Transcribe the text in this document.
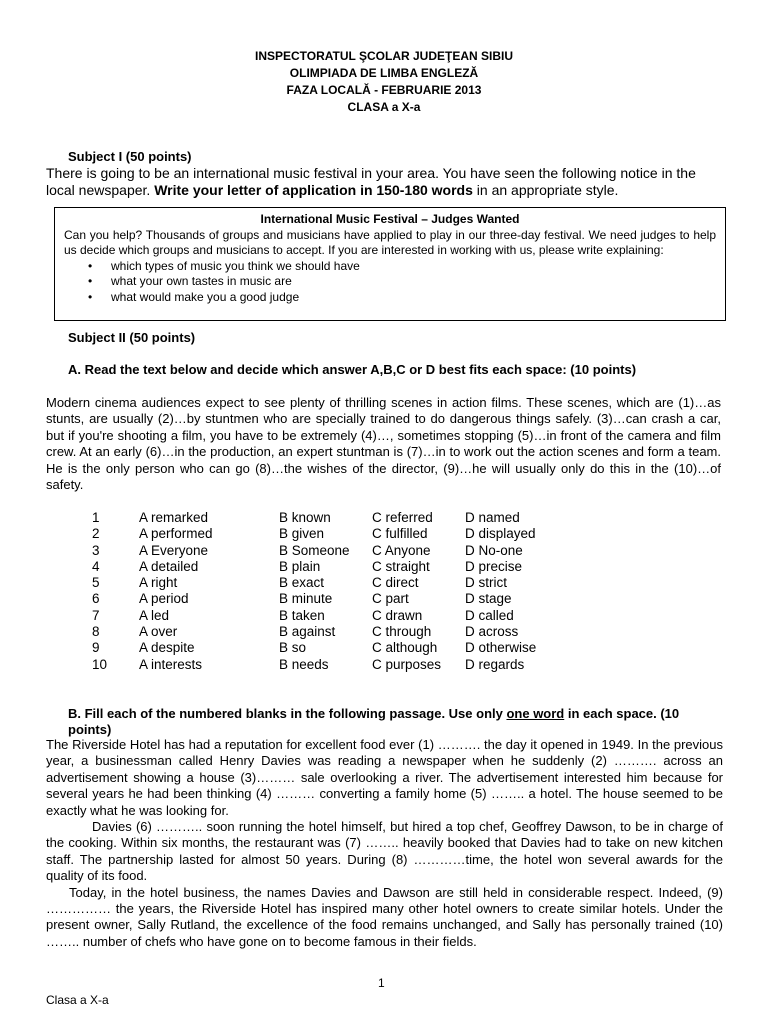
INSPECTORATUL ŞCOLAR JUDEŢEAN SIBIU
OLIMPIADA DE LIMBA ENGLEZĂ
FAZA LOCALĂ - FEBRUARIE 2013
CLASA a X-a
Subject I (50 points)
There is going to be an international music festival in your area. You have seen the following notice in the local newspaper. Write your letter of application in 150-180 words in an appropriate style.
International Music Festival – Judges Wanted
Can you help? Thousands of groups and musicians have applied to play in our three-day festival. We need judges to help us decide which groups and musicians to accept. If you are interested in working with us, please write explaining:
• which types of music you think we should have
• what your own tastes in music are
• what would make you a good judge
Subject II (50 points)
A. Read the text below and decide which answer A,B,C or D best fits each space: (10 points)
Modern cinema audiences expect to see plenty of thrilling scenes in action films. These scenes, which are (1)…as stunts, are usually (2)…by stuntmen who are specially trained to do dangerous things safely. (3)…can crash a car, but if you're shooting a film, you have to be extremely (4)…, sometimes stopping (5)…in front of the camera and film crew. At an early (6)…in the production, an expert stuntman is (7)…in to work out the action scenes and form a team. He is the only person who can go (8)…the wishes of the director, (9)…he will usually only do this in the (10)…of safety.
1	A remarked	B known	C referred	D named
2	A performed	B given	C fulfilled	D displayed
3	A Everyone	B Someone	C Anyone	D No-one
4	A detailed	B plain	C straight	D precise
5	A right	B exact	C direct	D strict
6	A period	B minute	C part	D stage
7	A led	B taken	C drawn	D called
8	A over	B against	C through	D across
9	A despite	B so	C although	D otherwise
10	A interests	B needs	C purposes	D regards
B. Fill each of the numbered blanks in the following passage. Use only one word in each space. (10 points)

The Riverside Hotel has had a reputation for excellent food ever (1) ………. the day it opened in 1949. In the previous year, a businessman called Henry Davies was reading a newspaper when he suddenly (2) ………. across an advertisement showing a house (3)……… sale overlooking a river. The advertisement interested him because for several years he had been thinking (4) ……… converting a family home (5) …….. a hotel. The house seemed to be exactly what he was looking for.

Davies (6) ……….. soon running the hotel himself, but hired a top chef, Geoffrey Dawson, to be in charge of the cooking. Within six months, the restaurant was (7) …….. heavily booked that Davies had to take on new kitchen staff. The partnership lasted for almost 50 years. During (8) …………time, the hotel won several awards for the quality of its food.

Today, in the hotel business, the names Davies and Dawson are still held in considerable respect. Indeed, (9) …………… the years, the Riverside Hotel has inspired many other hotel owners to create similar hotels. Under the present owner, Sally Rutland, the excellence of the food remains unchanged, and Sally has personally trained (10) …….. number of chefs who have gone on to become famous in their fields.

1
Clasa a X-a
